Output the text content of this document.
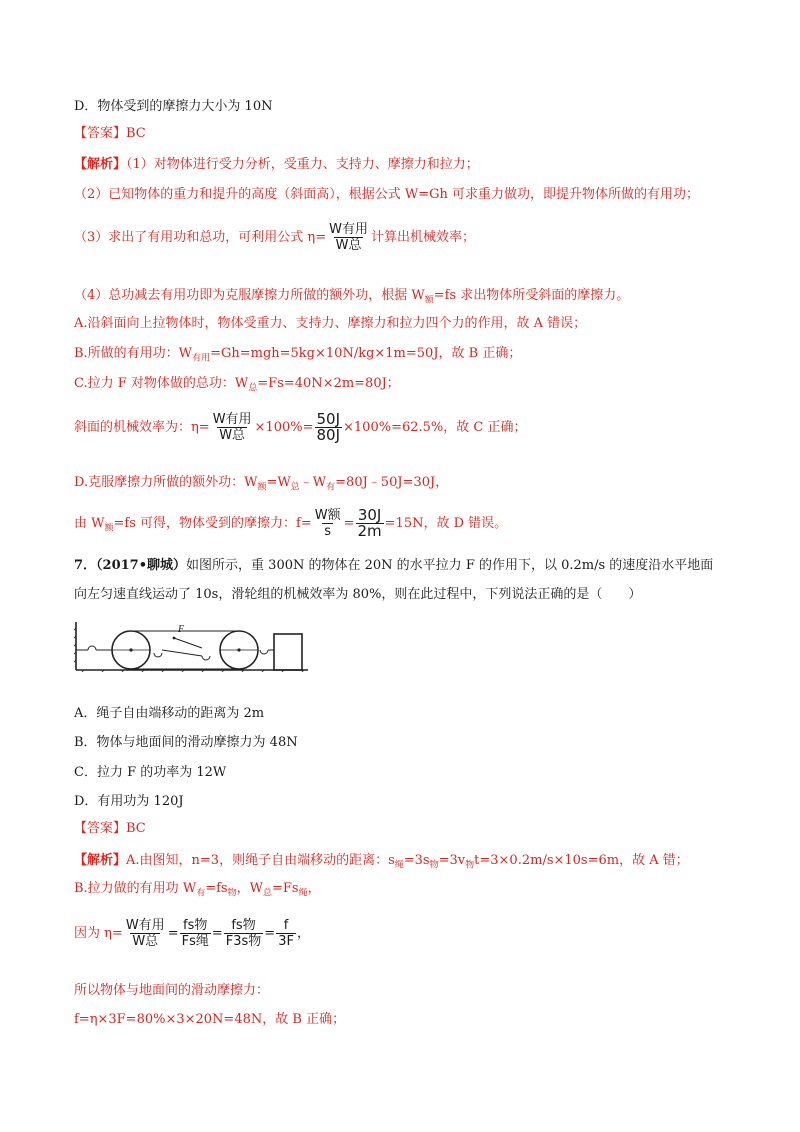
D．物体受到的摩擦力大小为 10N
【答案】BC
【解析】（1）对物体进行受力分析，受重力、支持力、摩擦力和拉力；
（2）已知物体的重力和提升的高度（斜面高），根据公式 W=Gh 可求重力做功，即提升物体所做的有用功；
（3）求出了有用功和总功，可利用公式 $\eta= \frac{\text{W有用}}{\text{W总}}$ 计算出机械效率；
（4）总功减去有用功即为克服摩擦力所做的额外功，根据 $W_额=fs$ 求出物体所受斜面的摩擦力。
A.沿斜面向上拉物体时，物体受重力、支持力、摩擦力和拉力四个力的作用，故 A 错误；
B.所做的有用功：$W_{有用}=Gh=mgh=5kg\times 10N/kg\times 1m=50J$，故 B 正确；
C.拉力 F 对物体做的总功：$W_总=Fs=40N\times 2m=80J$；
斜面的机械效率为：$\eta= \frac{\text{W有用}}{\text{W总}} \times 100\%= \frac{50J}{80J} \times 100\%=62.5\%$，故 C 正确；
D.克服摩擦力所做的额外功：$W_额=W_总﹣W_有=80J﹣50J=30J$，
由 $W_额=fs$ 可得，物体受到的摩擦力：$f= \frac{\text{W额}}{s} = \frac{30J}{2m} =15N$，故 D 错误。
7．（2017•聊城）如图所示，重 300N 的物体在 20N 的水平拉力 F 的作用下，以 0.2m/s 的速度沿水平地面
向左匀速直线运动了 10s，滑轮组的机械效率为 80%，则在此过程中，下列说法正确的是（　　）
F
A．绳子自由端移动的距离为 2m
B．物体与地面间的滑动摩擦力为 48N
C．拉力 F 的功率为 12W
D．有用功为 120J
【答案】BC
【解析】A.由图知，n=3，则绳子自由端移动的距离：$s_绳=3s_物=3v_物t=3\times 0.2m/s\times 10s=6m$，故 A 错；
B.拉力做的有用功 $W_有=fs_物$，$W_总=Fs_绳$，
因为 $\eta= \frac{\text{W有用}}{\text{W总}} = \frac{\text{fs物}}{\text{Fs绳}} = \frac{\text{fs物}}{\text{F3s物}} = \frac{f}{3F}$ ，
所以物体与地面间的滑动摩擦力：
f=η×3F=80%×3×20N=48N，故 B 正确；
